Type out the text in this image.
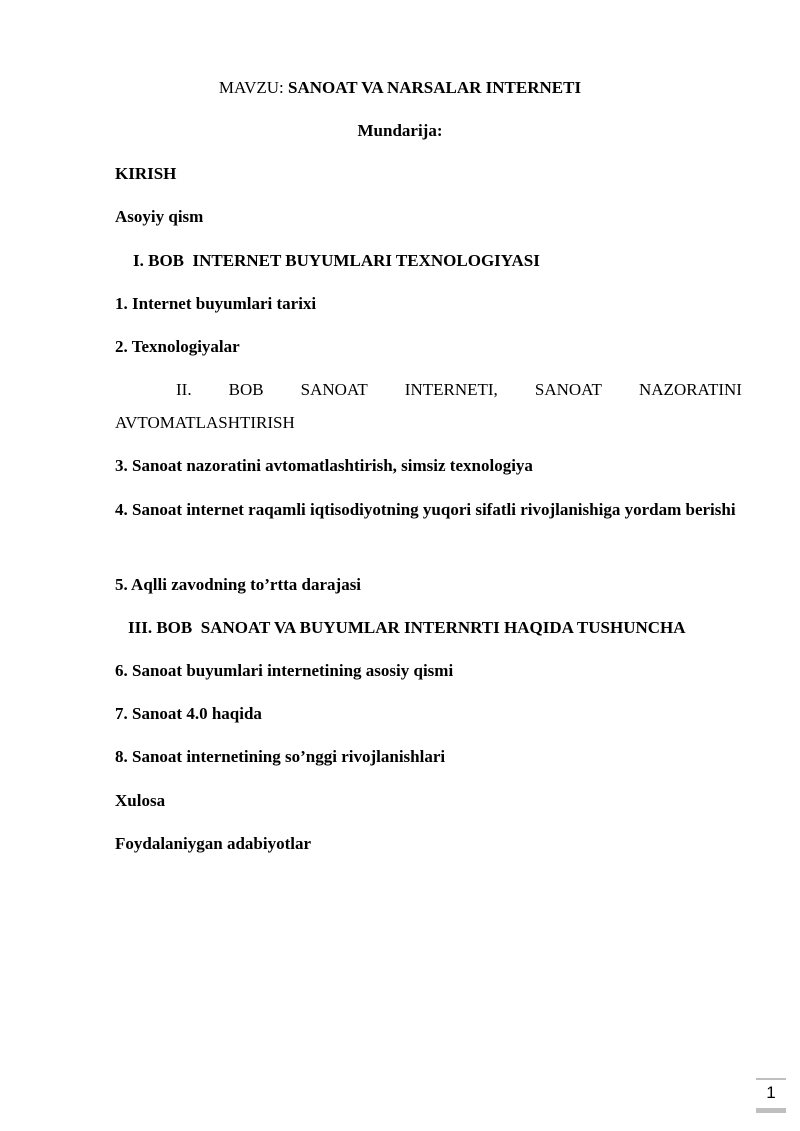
MAVZU: SANOAT VA NARSALAR INTERNETI
Mundarija:
KIRISH
Asoyiy qism
I. BOB  INTERNET BUYUMLARI TEXNOLOGIYASI
1. Internet buyumlari tarixi
2. Texnologiyalar
II. BOB SANOAT INTERNETI, SANOAT NAZORATINI
AVTOMATLASHTIRISH
3. Sanoat nazoratini avtomatlashtirish, simsiz texnologiya
4. Sanoat internet raqamli iqtisodiyotning yuqori sifatli rivojlanishiga yordam berishi
5. Aqlli zavodning to’rtta darajasi
III. BOB  SANOAT VA BUYUMLAR INTERNRTI HAQIDA TUSHUNCHA
6. Sanoat buyumlari internetining asosiy qismi
7. Sanoat 4.0 haqida
8. Sanoat internetining so’nggi rivojlanishlari
Xulosa
Foydalaniygan adabiyotlar
1
